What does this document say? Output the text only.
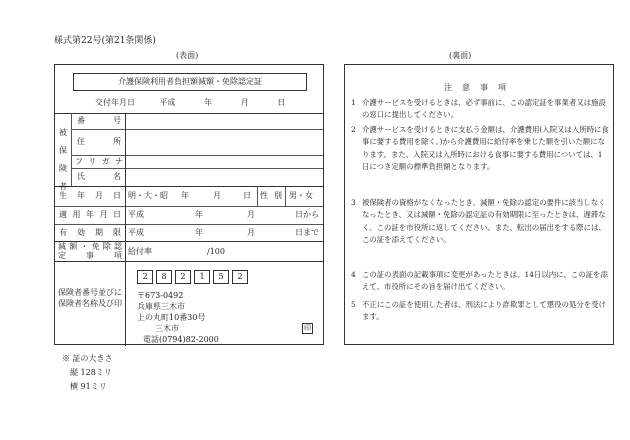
様式第22号(第21条関係)
(表面)	(裏面)
介護保険利用者負担額減額・免除認定証
交付年月日	平成	年	月	日
被
保
険
者
番	号
住	所
フ リ ガ ナ
氏	名
生 年 月 日 明・大・昭 年	月	日 性 別 男・女
適 用 年 月 日 平成	年	月	日から
有 効 期 限 平成	年	月	日まで
減 額 ・ 免 除 認
定	事	項 給付率	/100
保険者番号並びに保険者名称及び印
2	8	2	1	5	2
〒673-0492
兵庫県三木市
上の丸町10番30号
三木市
電話(0794)82-2000
印
注意事項
1 介護サービスを受けるときは、必ず事前に、この認定証を事業者又は施設の窓口に提出してください。
2 介護サービスを受けるときに支払う金額は、介護費用(入院又は入所時に食事に要する費用を除く。)から介護費用に給付率を乗じた額を引いた額になります。また、入院又は入所時における食事に要する費用については、1日につき定額の標準負担額となります。
3 被保険者の資格がなくなったとき、減額・免除の認定の要件に該当しなくなったとき、又は減額・免除の認定証の有効期限に至ったときは、遅滞なく、この証を市役所に返してください。また、転出の届出をする際には、この証を添えてください。
4 この証の表面の記載事項に変更があったときは、14日以内に、この証を添えて、市役所にその旨を届け出てください。
5 不正にこの証を使用した者は、刑法により詐欺罪として懲役の処分を受けます。
※ 証の大きさ
縦 128ミリ
横 91ミリ
